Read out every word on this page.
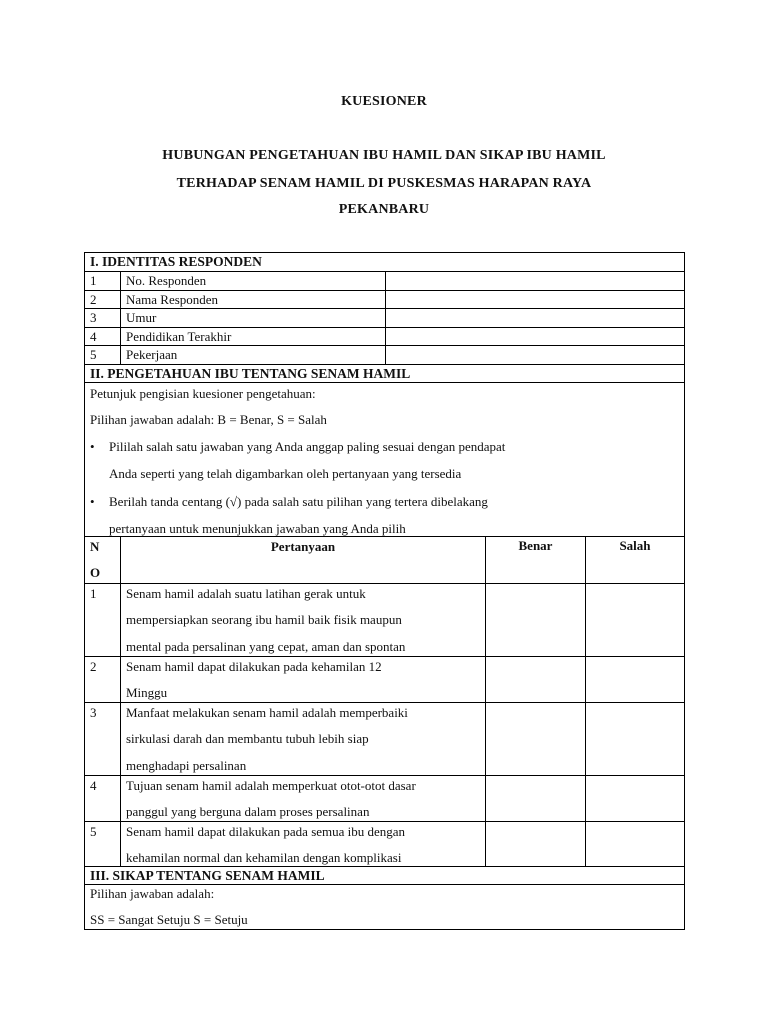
KUESIONER
HUBUNGAN PENGETAHUAN IBU HAMIL DAN SIKAP IBU HAMIL
TERHADAP SENAM HAMIL DI PUSKESMAS HARAPAN RAYA
PEKANBARU
I. IDENTITAS RESPONDEN
1	No. Responden
2	Nama Responden
3	Umur
4	Pendidikan Terakhir
5	Pekerjaan
II. PENGETAHUAN IBU TENTANG SENAM HAMIL

Petunjuk pengisian kuesioner pengetahuan:

Pilihan jawaban adalah: B = Benar, S = Salah

• Pililah salah satu jawaban yang Anda anggap paling sesuai dengan pendapat

Anda seperti yang telah digambarkan oleh pertanyaan yang tersedia

• Berilah tanda centang (√) pada salah satu pilihan yang tertera dibelakang

pertanyaan untuk menunjukkan jawaban yang Anda pilih

N
O
Pertanyaan	Benar	Salah
1	Senam hamil adalah suatu latihan gerak untuk
mempersiapkan seorang ibu hamil baik fisik maupun
mental pada persalinan yang cepat, aman dan spontan
2	Senam hamil dapat dilakukan pada kehamilan 12
Minggu
3	Manfaat melakukan senam hamil adalah memperbaiki
sirkulasi darah dan membantu tubuh lebih siap
menghadapi persalinan
4	Tujuan senam hamil adalah memperkuat otot-otot dasar
panggul yang berguna dalam proses persalinan
5	Senam hamil dapat dilakukan pada semua ibu dengan
kehamilan normal dan kehamilan dengan komplikasi
III. SIKAP TENTANG SENAM HAMIL

Pilihan jawaban adalah:

SS = Sangat Setuju S = Setuju
